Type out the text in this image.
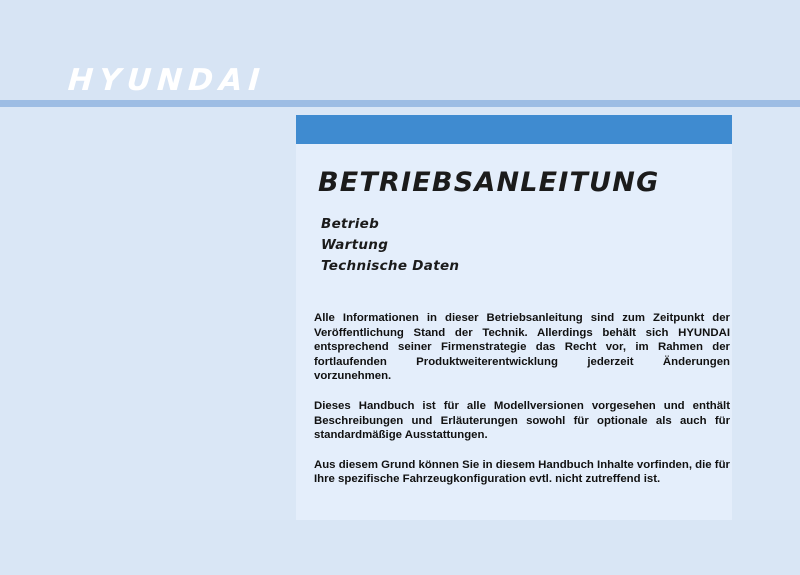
HYUNDAI
BETRIEBSANLEITUNG
Betrieb
Wartung
Technische Daten

Alle Informationen in dieser Betriebsanleitung sind zum Zeitpunkt der Veröffentlichung Stand der Technik. Allerdings behält sich HYUNDAI entsprechend seiner Firmenstrategie das Recht vor, im Rahmen der fortlaufenden Produktweiterentwicklung jederzeit Änderungen vorzunehmen.

Dieses Handbuch ist für alle Modellversionen vorgesehen und enthält Beschreibungen und Erläuterungen sowohl für optionale als auch für standardmäßige Ausstattungen.

Aus diesem Grund können Sie in diesem Handbuch Inhalte vorfinden, die für Ihre spezifische Fahrzeugkonfiguration evtl. nicht zutreffend ist.
